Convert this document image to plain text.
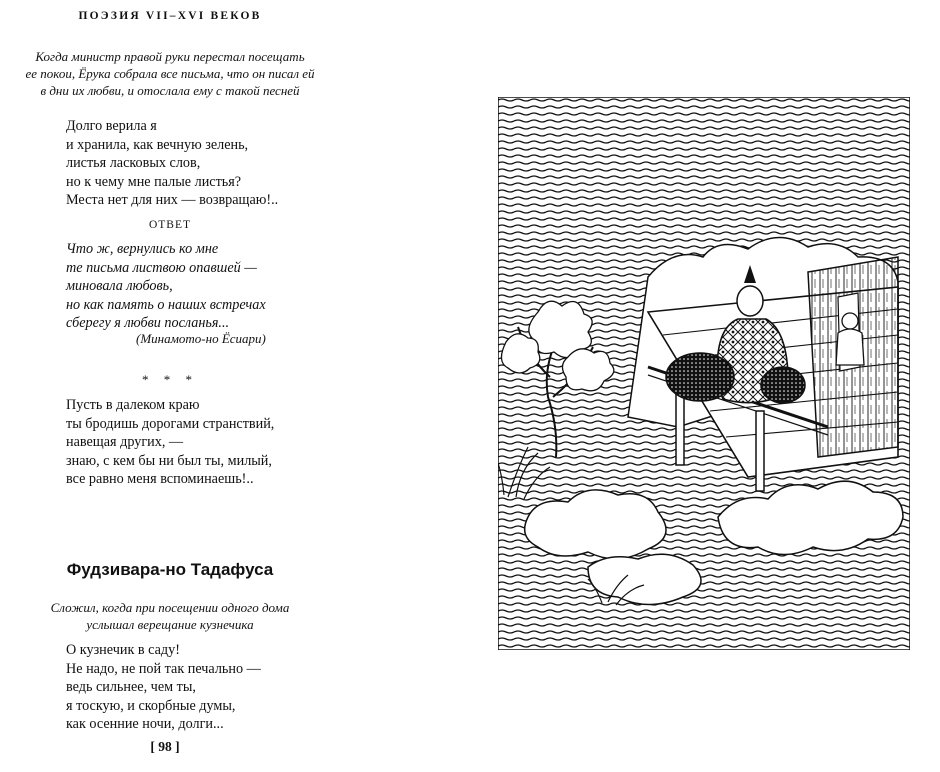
ПОЭЗИЯ VII–XVI ВЕКОВ
Когда министр правой руки перестал посещать
ее покои, Ёрука собрала все письма, что он писал ей
в дни их любви, и отослала ему с такой песней
Долго верила я
и хранила, как вечную зелень,
листья ласковых слов,
но к чему мне палые листья?
Места нет для них — возвращаю!..
ОТВЕТ
Что ж, вернулись ко мне
те письма листвою опавшей —
миновала любовь,
но как память о наших встречах
сберегу я любви посланья...
(Минамото-но Ёсиари)
* * *
Пусть в далеком краю
ты бродишь дорогами странствий,
навещая других, —
знаю, с кем бы ни был ты, милый,
все равно меня вспоминаешь!..
Фудзивара-но Тадафуса
Сложил, когда при посещении одного дома
услышал верещание кузнечика
О кузнечик в саду!
Не надо, не пой так печально —
ведь сильнее, чем ты,
я тоскую, и скорбные думы,
как осенние ночи, долги...
[ 98 ]
